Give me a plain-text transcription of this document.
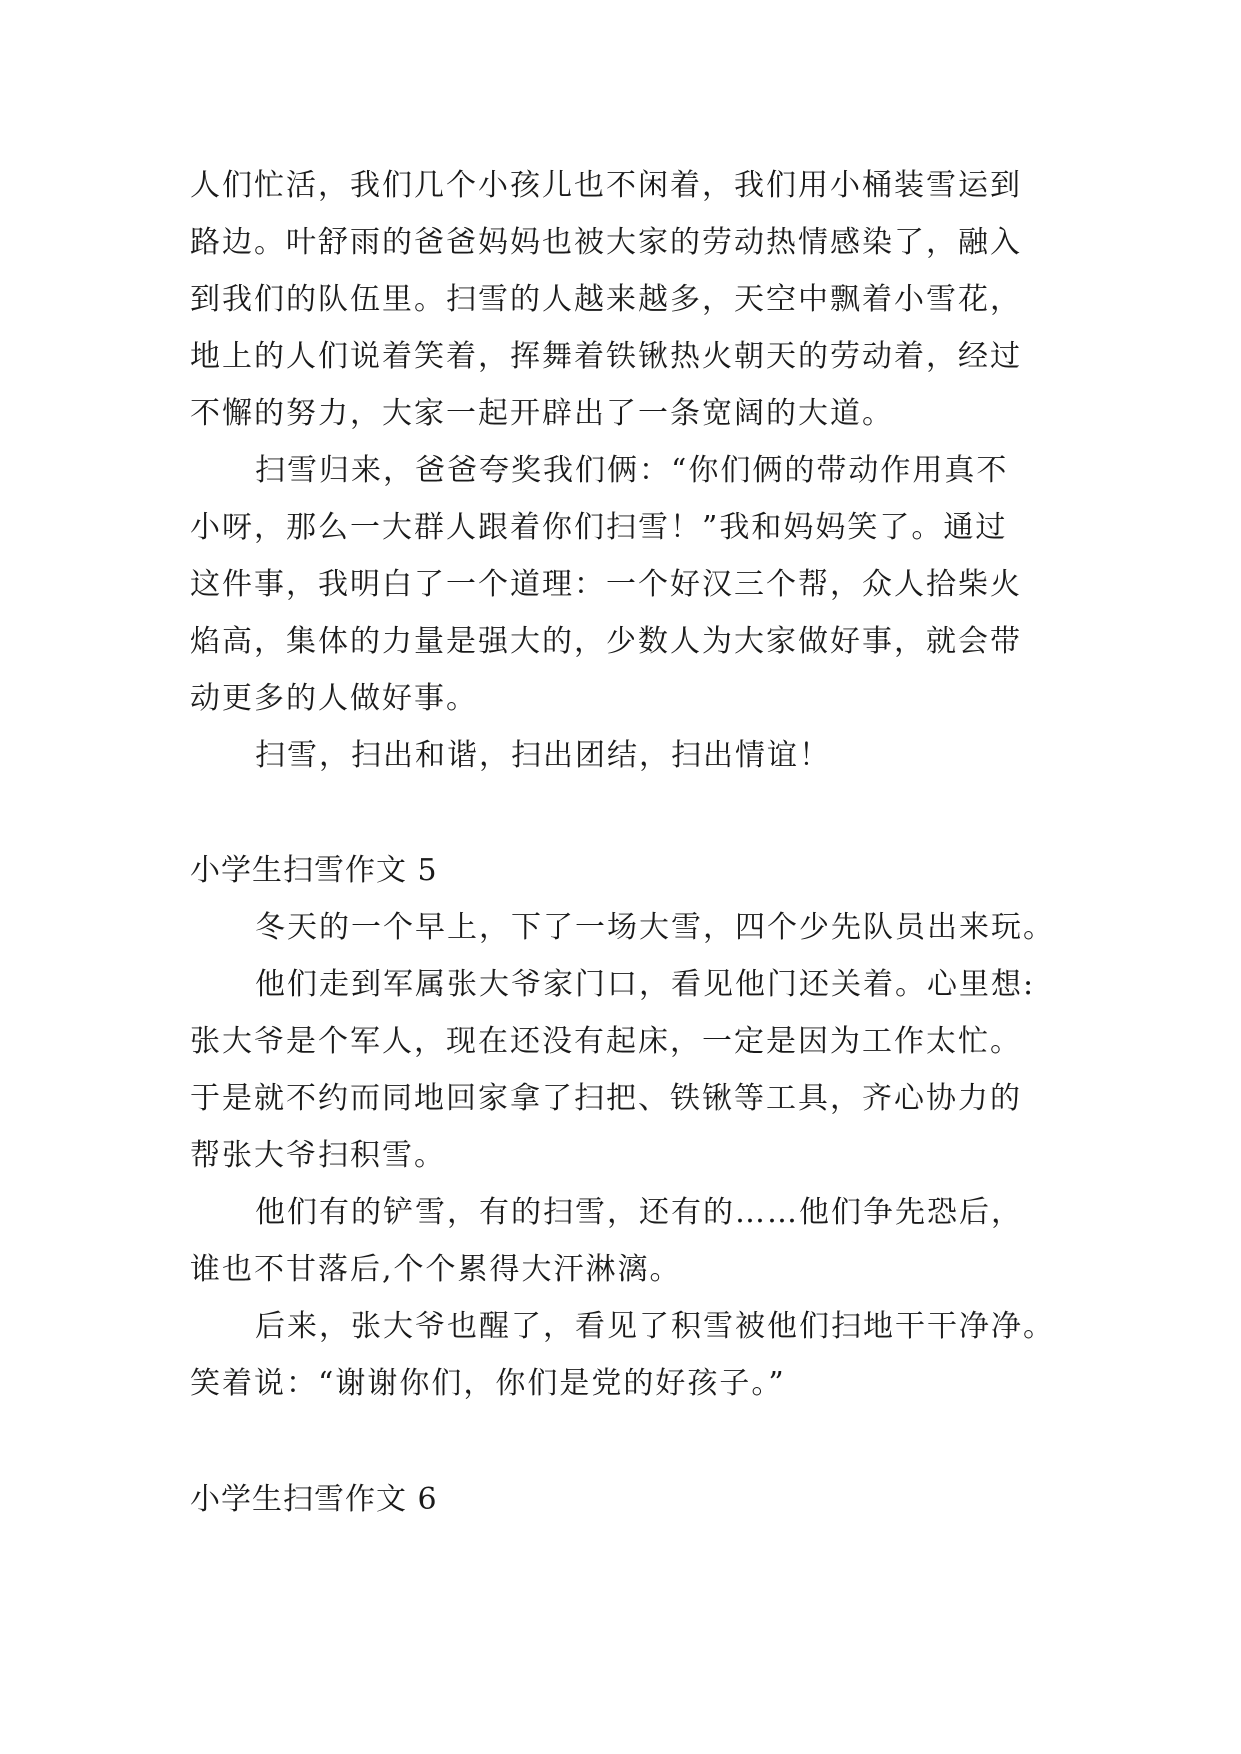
人们忙活，我们几个小孩儿也不闲着，我们用小桶装雪运到
路边。叶舒雨的爸爸妈妈也被大家的劳动热情感染了，融入
到我们的队伍里。扫雪的人越来越多，天空中飘着小雪花，
地上的人们说着笑着，挥舞着铁锹热火朝天的劳动着，经过
不懈的努力，大家一起开辟出了一条宽阔的大道。
扫雪归来，爸爸夸奖我们俩：“你们俩的带动作用真不
小呀，那么一大群人跟着你们扫雪！”我和妈妈笑了。通过
这件事，我明白了一个道理：一个好汉三个帮，众人拾柴火
焰高，集体的力量是强大的，少数人为大家做好事，就会带
动更多的人做好事。
扫雪，扫出和谐，扫出团结，扫出情谊！
小学生扫雪作文 5
冬天的一个早上，下了一场大雪，四个少先队员出来玩。
他们走到军属张大爷家门口，看见他门还关着。心里想:
张大爷是个军人，现在还没有起床，一定是因为工作太忙。
于是就不约而同地回家拿了扫把、铁锹等工具，齐心协力的
帮张大爷扫积雪。
他们有的铲雪，有的扫雪，还有的……他们争先恐后，
谁也不甘落后,个个累得大汗淋漓。
后来，张大爷也醒了，看见了积雪被他们扫地干干净净。
笑着说：“谢谢你们，你们是党的好孩子。”
小学生扫雪作文 6
